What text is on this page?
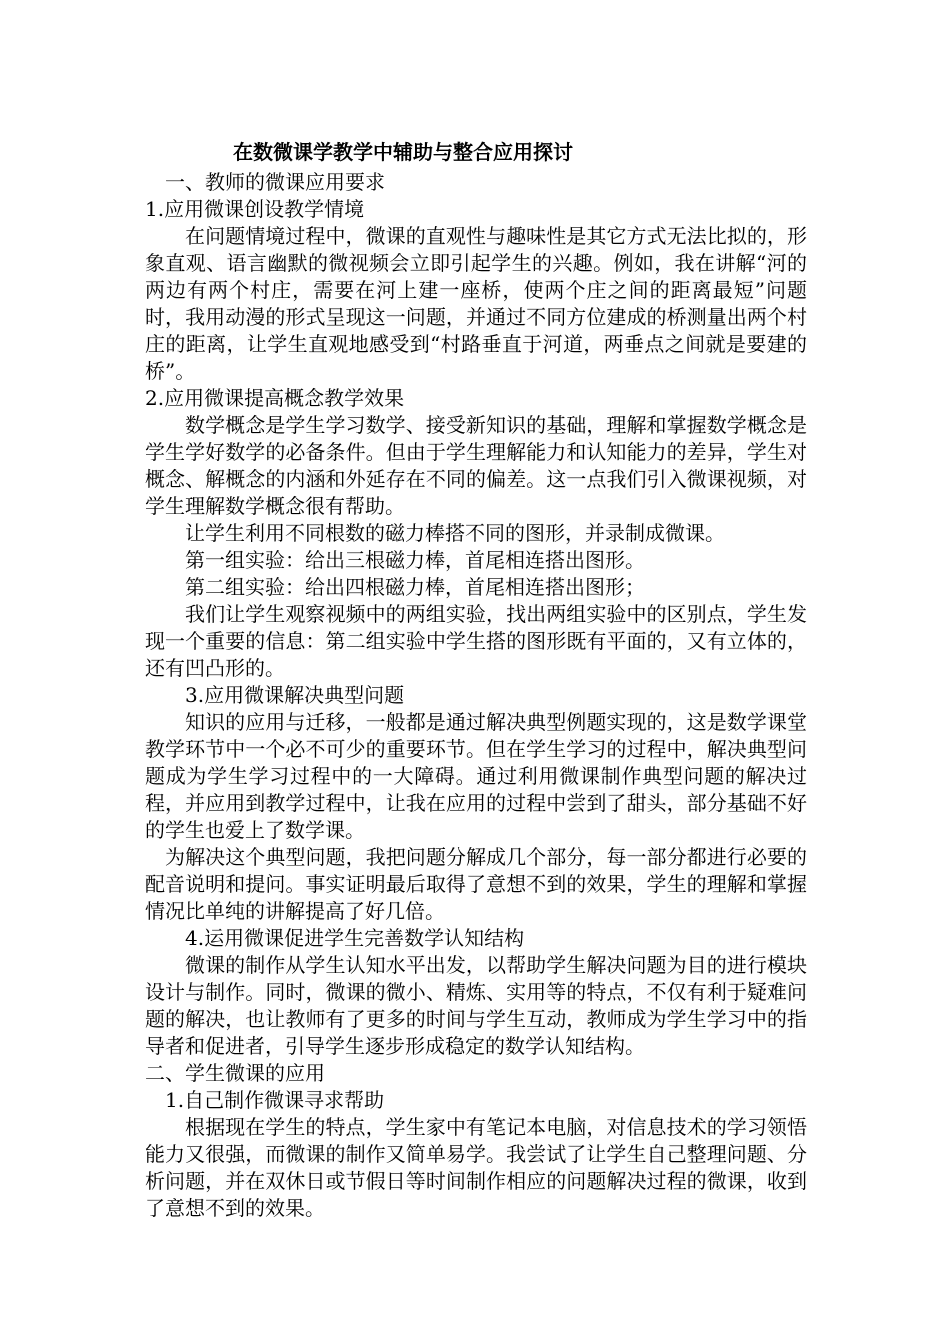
在数微课学教学中辅助与整合应用探讨

一、教师的微课应用要求

1.应用微课创设教学情境

在问题情境过程中，微课的直观性与趣味性是其它方式无法比拟的，形象直观、语言幽默的微视频会立即引起学生的兴趣。例如，我在讲解“河的两边有两个村庄，需要在河上建一座桥，使两个庄之间的距离最短”问题时，我用动漫的形式呈现这一问题，并通过不同方位建成的桥测量出两个村庄的距离，让学生直观地感受到“村路垂直于河道，两垂点之间就是要建的桥”。

2.应用微课提高概念教学效果

数学概念是学生学习数学、接受新知识的基础，理解和掌握数学概念是学生学好数学的必备条件。但由于学生理解能力和认知能力的差异，学生对概念、解概念的内涵和外延存在不同的偏差。这一点我们引入微课视频，对学生理解数学概念很有帮助。

让学生利用不同根数的磁力棒搭不同的图形，并录制成微课。

第一组实验：给出三根磁力棒，首尾相连搭出图形。

第二组实验：给出四根磁力棒，首尾相连搭出图形；

我们让学生观察视频中的两组实验，找出两组实验中的区别点，学生发现一个重要的信息：第二组实验中学生搭的图形既有平面的，又有立体的，还有凹凸形的。

3.应用微课解决典型问题

知识的应用与迁移，一般都是通过解决典型例题实现的，这是数学课堂教学环节中一个必不可少的重要环节。但在学生学习的过程中，解决典型问题成为学生学习过程中的一大障碍。通过利用微课制作典型问题的解决过程，并应用到教学过程中，让我在应用的过程中尝到了甜头，部分基础不好的学生也爱上了数学课。

为解决这个典型问题，我把问题分解成几个部分，每一部分都进行必要的配音说明和提问。事实证明最后取得了意想不到的效果，学生的理解和掌握情况比单纯的讲解提高了好几倍。

4.运用微课促进学生完善数学认知结构

微课的制作从学生认知水平出发，以帮助学生解决问题为目的进行模块设计与制作。同时，微课的微小、精炼、实用等的特点，不仅有利于疑难问题的解决，也让教师有了更多的时间与学生互动，教师成为学生学习中的指导者和促进者，引导学生逐步形成稳定的数学认知结构。

二、学生微课的应用

1.自己制作微课寻求帮助

根据现在学生的特点，学生家中有笔记本电脑，对信息技术的学习领悟能力又很强，而微课的制作又简单易学。我尝试了让学生自己整理问题、分析问题，并在双休日或节假日等时间制作相应的问题解决过程的微课，收到了意想不到的效果。
